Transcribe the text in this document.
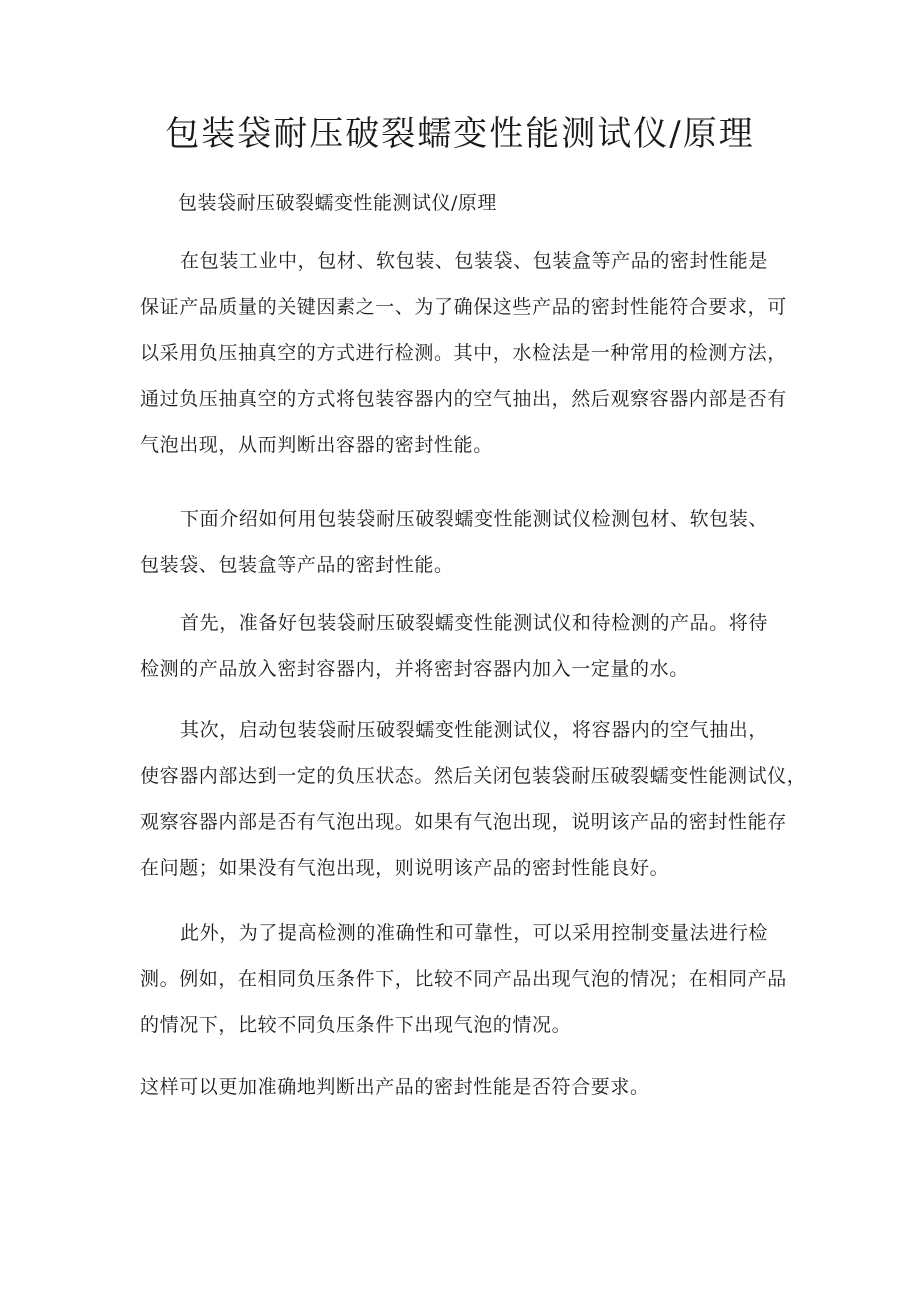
包装袋耐压破裂蠕变性能测试仪/原理
包装袋耐压破裂蠕变性能测试仪/原理

在包装工业中，包材、软包装、包装袋、包装盒等产品的密封性能是
保证产品质量的关键因素之一、为了确保这些产品的密封性能符合要求，可
以采用负压抽真空的方式进行检测。其中，水检法是一种常用的检测方法，
通过负压抽真空的方式将包装容器内的空气抽出，然后观察容器内部是否有
气泡出现，从而判断出容器的密封性能。

下面介绍如何用包装袋耐压破裂蠕变性能测试仪检测包材、软包装、
包装袋、包装盒等产品的密封性能。

首先，准备好包装袋耐压破裂蠕变性能测试仪和待检测的产品。将待
检测的产品放入密封容器内，并将密封容器内加入一定量的水。

其次，启动包装袋耐压破裂蠕变性能测试仪，将容器内的空气抽出，
使容器内部达到一定的负压状态。然后关闭包装袋耐压破裂蠕变性能测试仪，
观察容器内部是否有气泡出现。如果有气泡出现，说明该产品的密封性能存
在问题；如果没有气泡出现，则说明该产品的密封性能良好。

此外，为了提高检测的准确性和可靠性，可以采用控制变量法进行检
测。例如，在相同负压条件下，比较不同产品出现气泡的情况；在相同产品
的情况下，比较不同负压条件下出现气泡的情况。

这样可以更加准确地判断出产品的密封性能是否符合要求。
